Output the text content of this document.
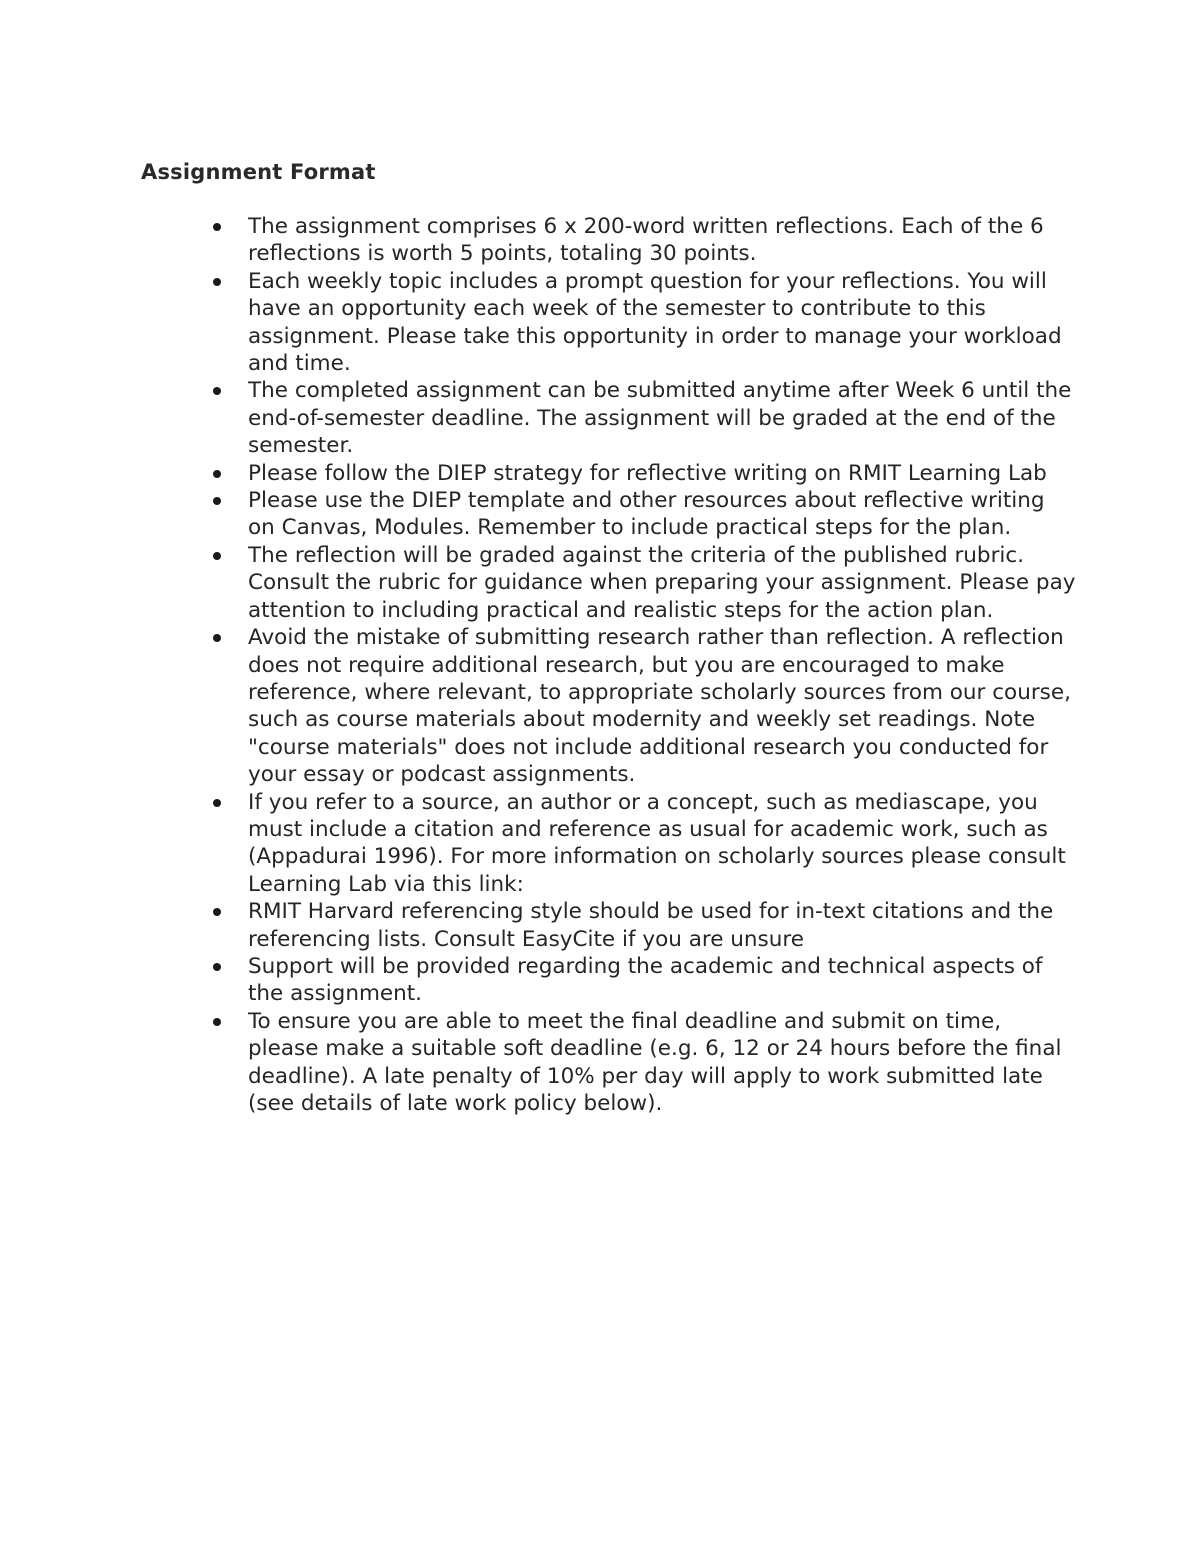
Assignment Format
The assignment comprises 6 x 200-word written reflections. Each of the 6 reflections is worth 5 points, totaling 30 points.
Each weekly topic includes a prompt question for your reflections. You will have an opportunity each week of the semester to contribute to this assignment. Please take this opportunity in order to manage your workload and time.
The completed assignment can be submitted anytime after Week 6 until the end-of-semester deadline. The assignment will be graded at the end of the semester.
Please follow the DIEP strategy for reflective writing on RMIT Learning Lab
Please use the DIEP template and other resources about reflective writing on Canvas, Modules. Remember to include practical steps for the plan.
The reflection will be graded against the criteria of the published rubric. Consult the rubric for guidance when preparing your assignment. Please pay attention to including practical and realistic steps for the action plan.
Avoid the mistake of submitting research rather than reflection. A reflection does not require additional research, but you are encouraged to make reference, where relevant, to appropriate scholarly sources from our course, such as course materials about modernity and weekly set readings. Note "course materials" does not include additional research you conducted for your essay or podcast assignments.
If you refer to a source, an author or a concept, such as mediascape, you must include a citation and reference as usual for academic work, such as (Appadurai 1996). For more information on scholarly sources please consult Learning Lab via this link:
RMIT Harvard referencing style should be used for in-text citations and the referencing lists. Consult EasyCite if you are unsure
Support will be provided regarding the academic and technical aspects of the assignment.
To ensure you are able to meet the final deadline and submit on time, please make a suitable soft deadline (e.g. 6, 12 or 24 hours before the final deadline). A late penalty of 10% per day will apply to work submitted late (see details of late work policy below).
